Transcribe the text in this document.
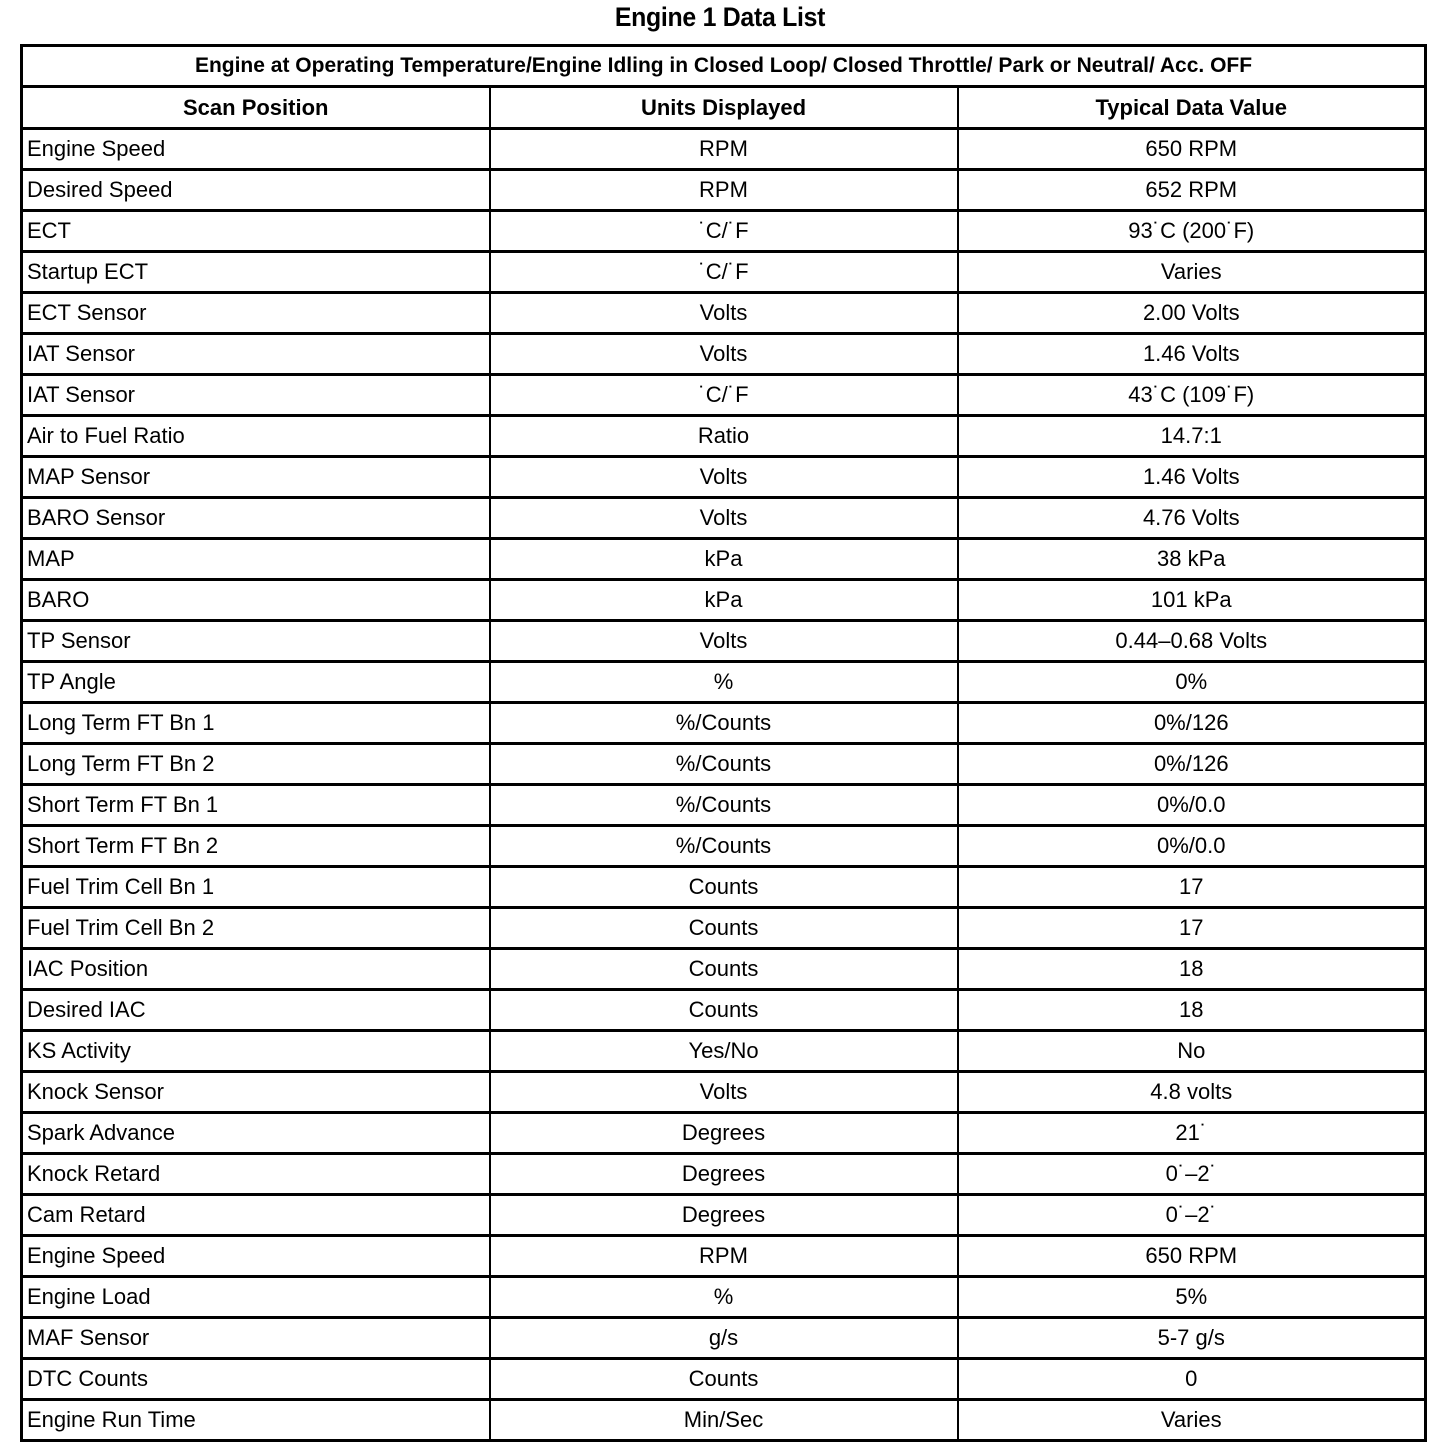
Engine 1 Data List
Engine at Operating Temperature/Engine Idling in Closed Loop/ Closed Throttle/ Park or Neutral/ Acc. OFF		
Scan Position	Units Displayed	Typical Data Value
Engine Speed	RPM	650 RPM
Desired Speed	RPM	652 RPM
ECT	˙C/˙F	93˙C (200˙F)
Startup ECT	˙C/˙F	Varies
ECT Sensor	Volts	2.00 Volts
IAT Sensor	Volts	1.46 Volts
IAT Sensor	˙C/˙F	43˙C (109˙F)
Air to Fuel Ratio	Ratio	14.7:1
MAP Sensor	Volts	1.46 Volts
BARO Sensor	Volts	4.76 Volts
MAP	kPa	38 kPa
BARO	kPa	101 kPa
TP Sensor	Volts	0.44–0.68 Volts
TP Angle	%	0%
Long Term FT Bn 1	%/Counts	0%/126
Long Term FT Bn 2	%/Counts	0%/126
Short Term FT Bn 1	%/Counts	0%/0.0
Short Term FT Bn 2	%/Counts	0%/0.0
Fuel Trim Cell Bn 1	Counts	17
Fuel Trim Cell Bn 2	Counts	17
IAC Position	Counts	18
Desired IAC	Counts	18
KS Activity	Yes/No	No
Knock Sensor	Volts	4.8 volts
Spark Advance	Degrees	21˙
Knock Retard	Degrees	0˙–2˙
Cam Retard	Degrees	0˙–2˙
Engine Speed	RPM	650 RPM
Engine Load	%	5%
MAF Sensor	g/s	5-7 g/s
DTC Counts	Counts	0
Engine Run Time	Min/Sec	Varies
